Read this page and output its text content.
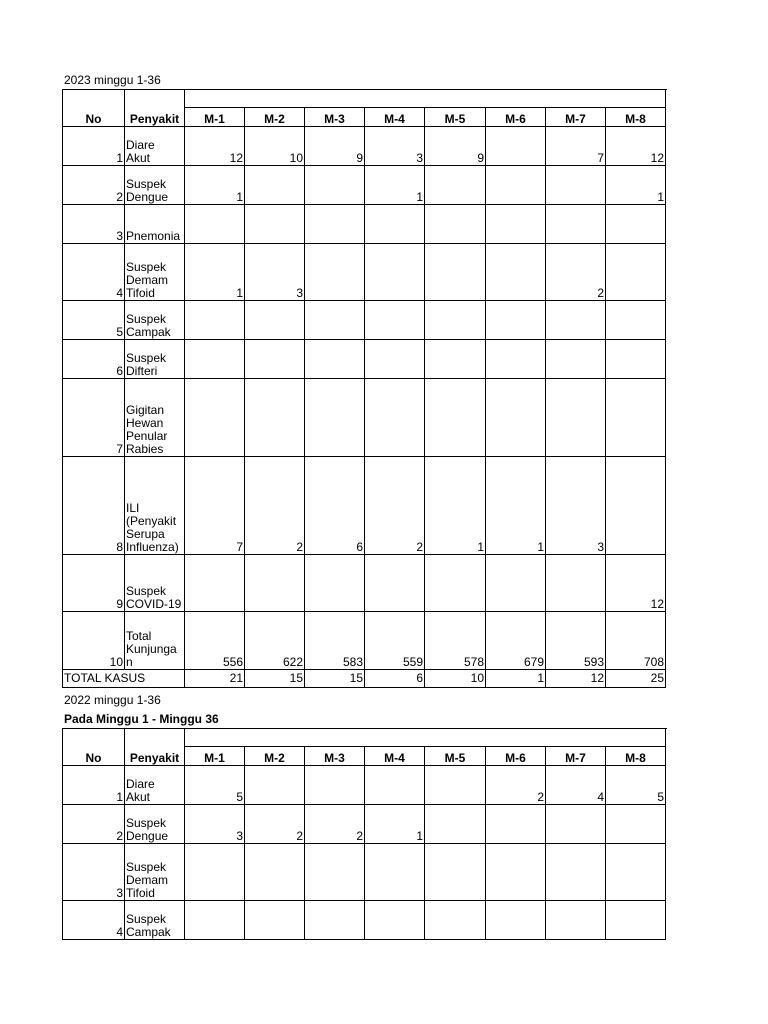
2023 minggu 1-36
No	Penyakit								
		M-1	M-2	M-3	M-4	M-5	M-6	M-7	M-8
1	Diare
Akut	12	10	9	3	9		7	12
2	Suspek
Dengue	1			1				1
3	Pnemonia								
4	Suspek
Demam
Tifoid	1	3					2	
5	Suspek
Campak								
6	Suspek
Difteri								
7	Gigitan
Hewan
Penular
Rabies								
8	ILI
(Penyakit
Serupa
Influenza)	7	2	6	2	1	1	3	
9	Suspek
COVID-19								12
10	Total
Kunjunga
n	556	622	583	559	578	679	593	708
TOTAL KASUS		21	15	15	6	10	1	12	25
2022 minggu 1-36
Pada Minggu 1 - Minggu 36
No	Penyakit								
		M-1	M-2	M-3	M-4	M-5	M-6	M-7	M-8
1	Diare
Akut	5					2	4	5
2	Suspek
Dengue	3	2	2	1				
3	Suspek
Demam
Tifoid								
4	Suspek
Campak								
